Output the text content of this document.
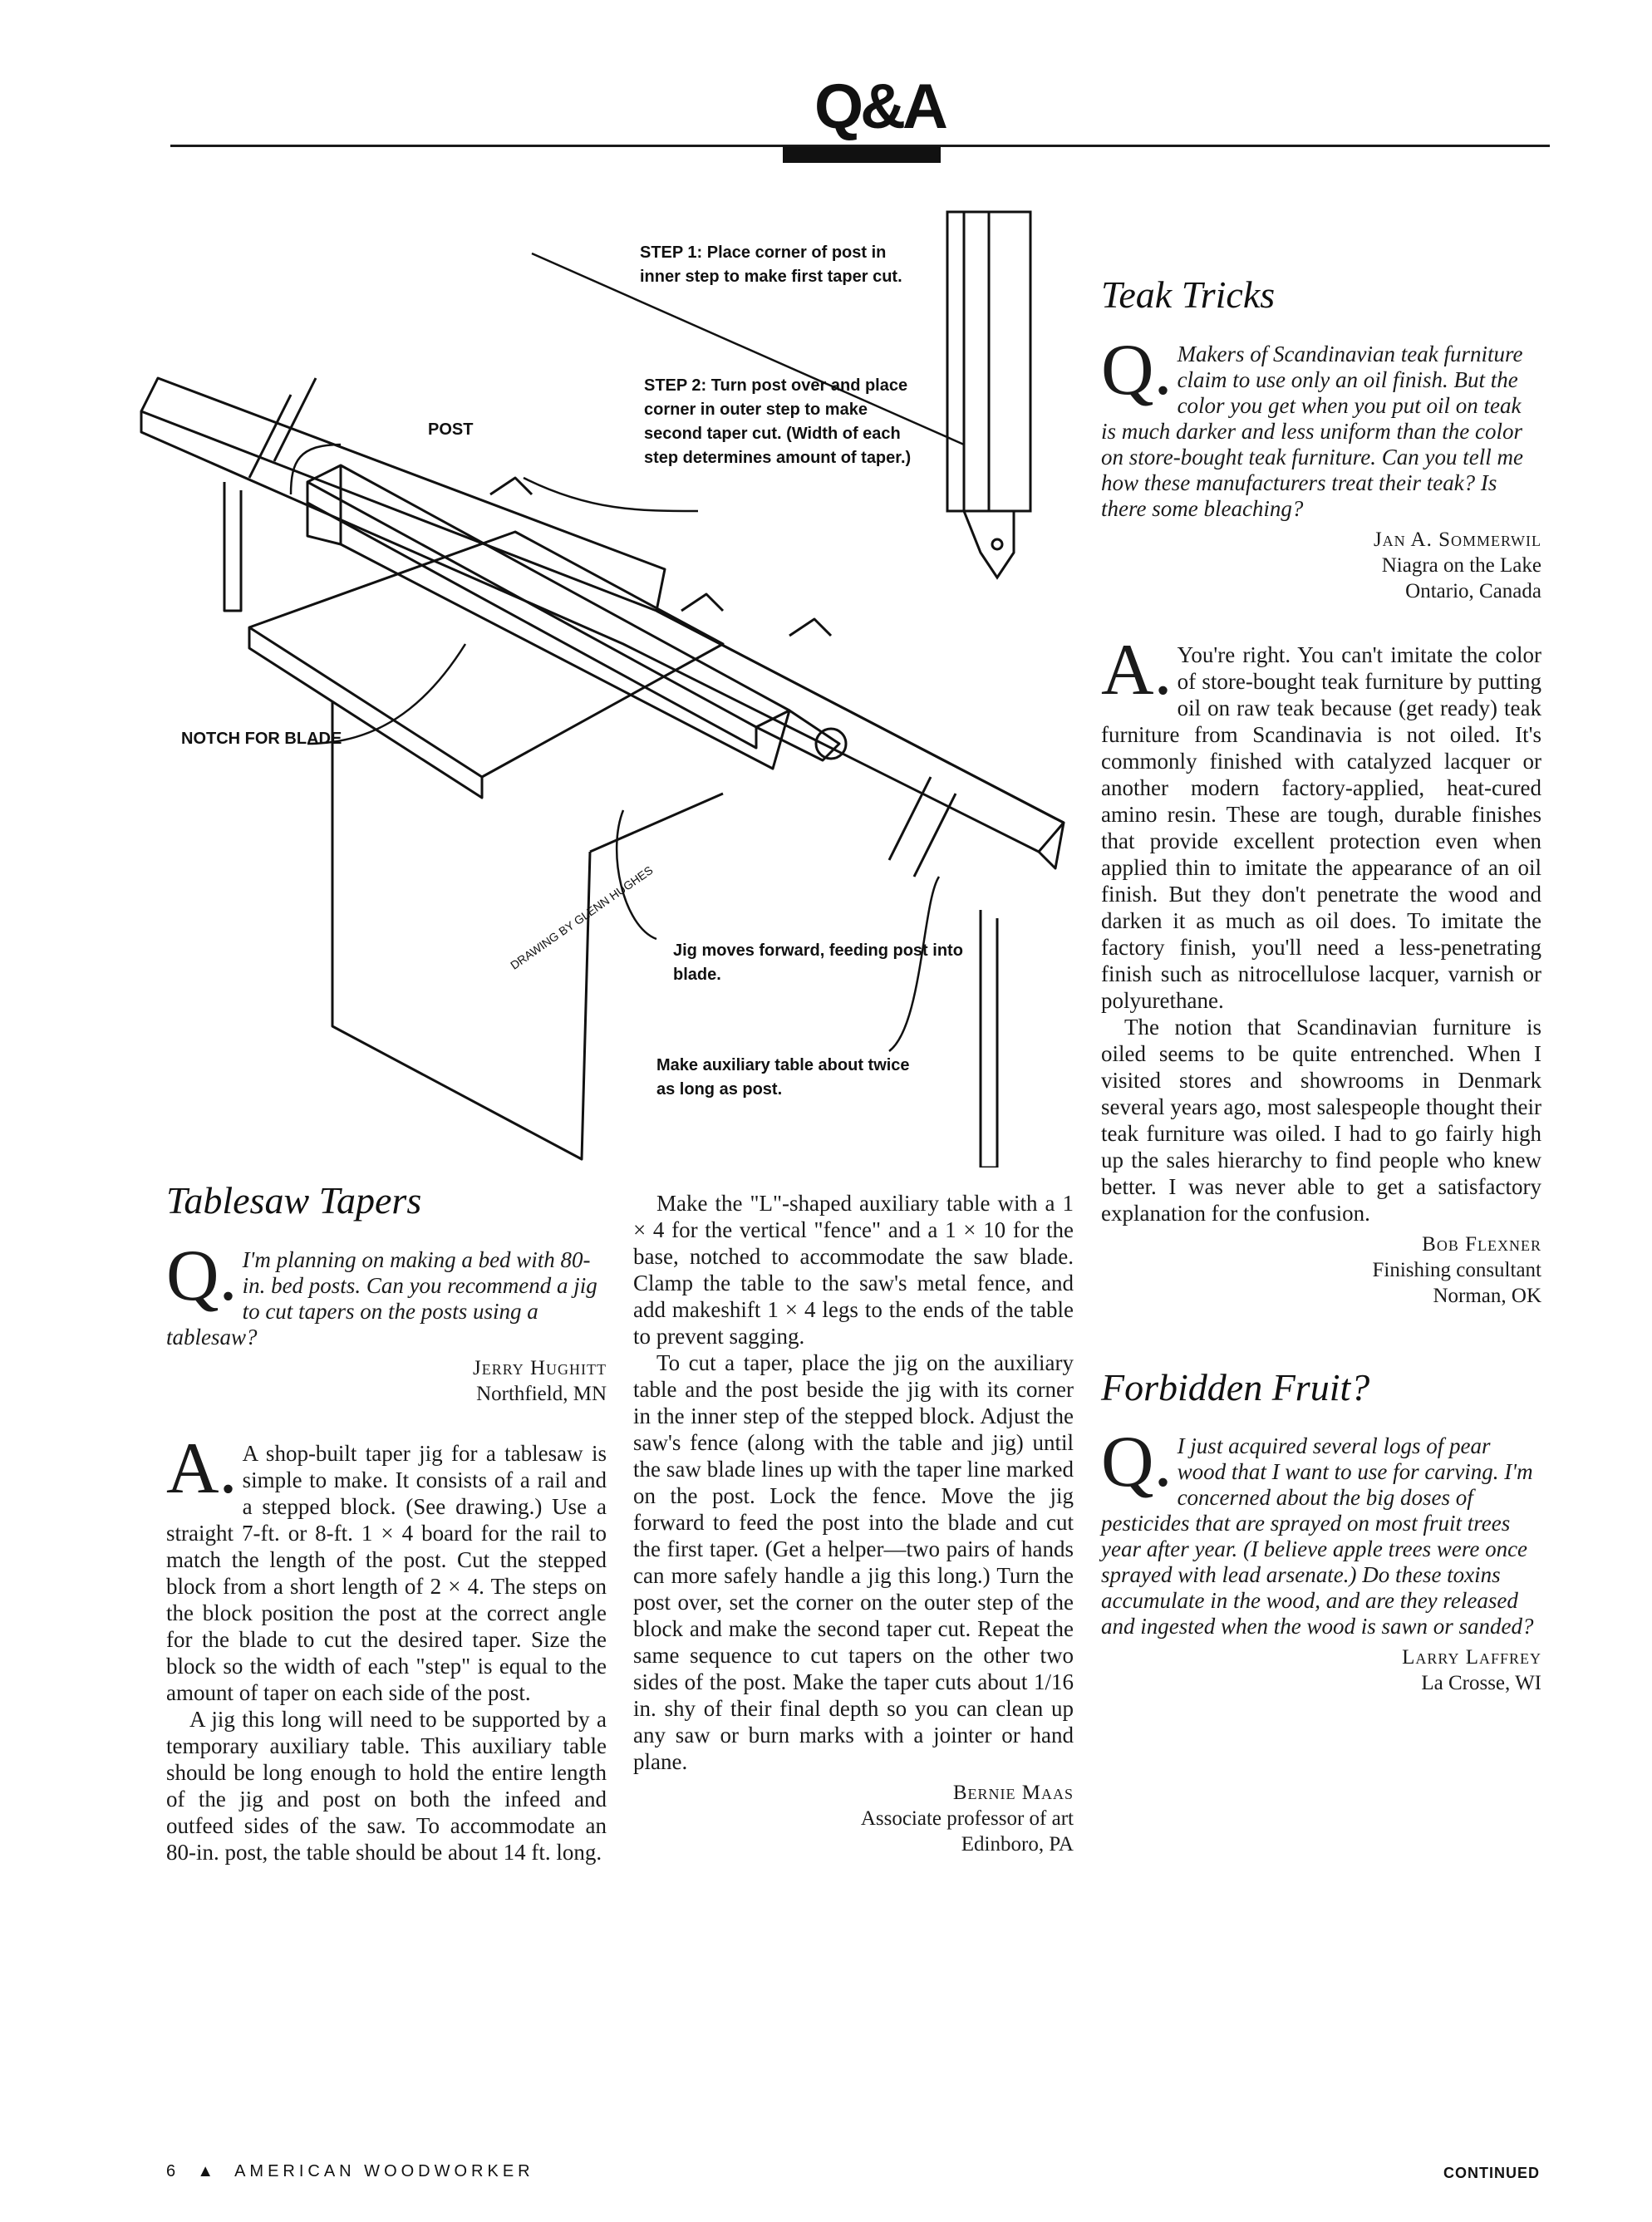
Q&A
STEP 1: Place corner of post in inner step to make first taper cut.
STEP 2: Turn post over and place corner in outer step to make second taper cut. (Width of each step determines amount of taper.)
POST
NOTCH FOR BLADE
Jig moves forward, feeding post into blade.
Make auxiliary table about twice as long as post.
DRAWING BY GLENN HUGHES
Tablesaw Tapers
Q. I'm planning on making a bed with 80-in. bed posts. Can you recommend a jig to cut tapers on the posts using a tablesaw?
Jerry Hughitt
Northfield, MN

A. A shop-built taper jig for a tablesaw is simple to make. It consists of a rail and a stepped block. (See drawing.) Use a straight 7-ft. or 8-ft. 1 × 4 board for the rail to match the length of the post. Cut the stepped block from a short length of 2 × 4. The steps on the block position the post at the correct angle for the blade to cut the desired taper. Size the block so the width of each "step" is equal to the amount of taper on each side of the post.

A jig this long will need to be supported by a temporary auxiliary table. This auxiliary table should be long enough to hold the entire length of the jig and post on both the infeed and outfeed sides of the saw. To accommodate an 80-in. post, the table should be about 14 ft. long.

Make the "L"-shaped auxiliary table with a 1 × 4 for the vertical "fence" and a 1 × 10 for the base, notched to accommodate the saw blade. Clamp the table to the saw's metal fence, and add makeshift 1 × 4 legs to the ends of the table to prevent sagging.

To cut a taper, place the jig on the auxiliary table and the post beside the jig with its corner in the inner step of the stepped block. Adjust the saw's fence (along with the table and jig) until the saw blade lines up with the taper line marked on the post. Lock the fence. Move the jig forward to feed the post into the blade and cut the first taper. (Get a helper—two pairs of hands can more safely handle a jig this long.) Turn the post over, set the corner on the outer step of the block and make the second taper cut. Repeat the same sequence to cut tapers on the other two sides of the post. Make the taper cuts about 1/16 in. shy of their final depth so you can clean up any saw or burn marks with a jointer or hand plane.

Bernie Maas
Associate professor of art
Edinboro, PA
Teak Tricks
Q. Makers of Scandinavian teak furniture claim to use only an oil finish. But the color you get when you put oil on teak is much darker and less uniform than the color on store-bought teak furniture. Can you tell me how these manufacturers treat their teak? Is there some bleaching?
Jan A. Sommerwil
Niagra on the Lake
Ontario, Canada

A. You're right. You can't imitate the color of store-bought teak furniture by putting oil on raw teak because (get ready) teak furniture from Scandinavia is not oiled. It's commonly finished with catalyzed lacquer or another modern factory-applied, heat-cured amino resin. These are tough, durable finishes that provide excellent protection even when applied thin to imitate the appearance of an oil finish. But they don't penetrate the wood and darken it as much as oil does. To imitate the factory finish, you'll need a less-penetrating finish such as nitrocellulose lacquer, varnish or polyurethane.

The notion that Scandinavian furniture is oiled seems to be quite entrenched. When I visited stores and showrooms in Denmark several years ago, most salespeople thought their teak furniture was oiled. I had to go fairly high up the sales hierarchy to find people who knew better. I was never able to get a satisfactory explanation for the confusion.

Bob Flexner
Finishing consultant
Norman, OK
Forbidden Fruit?
Q. I just acquired several logs of pear wood that I want to use for carving. I'm concerned about the big doses of pesticides that are sprayed on most fruit trees year after year. (I believe apple trees were once sprayed with lead arsenate.) Do these toxins accumulate in the wood, and are they released and ingested when the wood is sawn or sanded?
Larry Laffrey
La Crosse, WI
6  ▲  AMERICAN WOODWORKER	CONTINUED
